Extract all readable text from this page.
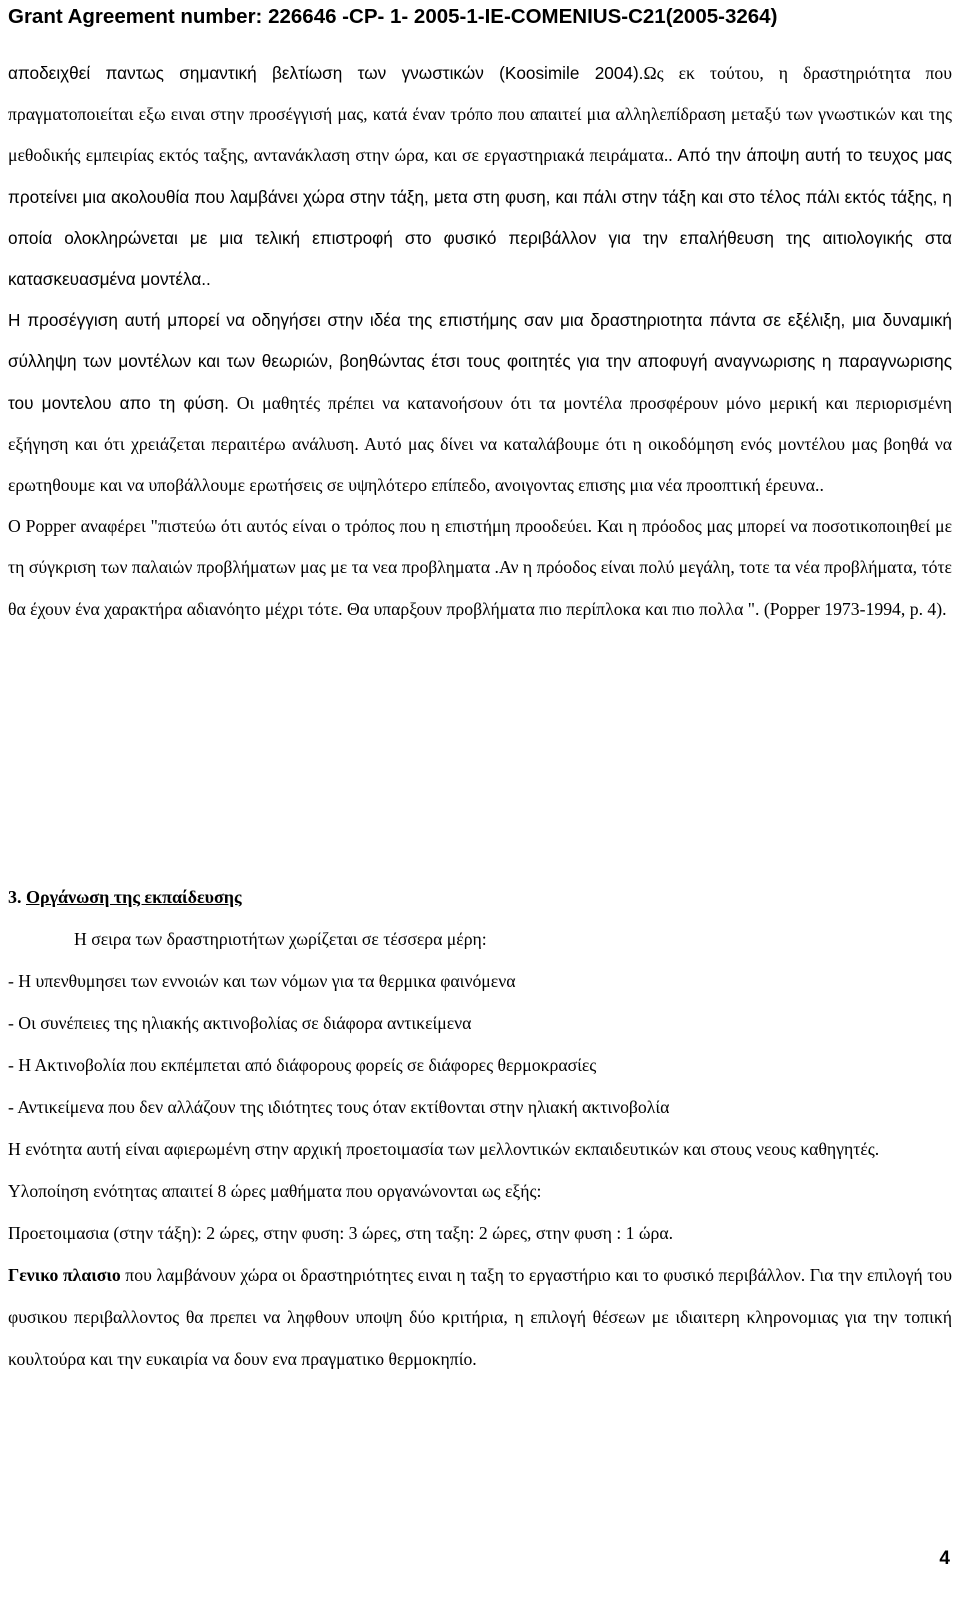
Grant Agreement number: 226646 -CP- 1- 2005-1-IE-COMENIUS-C21(2005-3264)

αποδειχθεί παντως σημαντική βελτίωση των γνωστικών (Koosimile 2004).Ως εκ τούτου, η δραστηριότητα που πραγματοποιείται εξω ειναι στην προσέγγισή μας, κατά έναν τρόπο που απαιτεί μια αλληλεπίδραση μεταξύ των γνωστικών και της μεθοδικής εμπειρίας εκτός ταξης, αντανάκλαση στην ώρα, και σε εργαστηριακά πειράματα.. Από την άποψη αυτή το τευχος μας προτείνει μια ακολουθία που λαμβάνει χώρα στην τάξη, μετα στη φυση, και πάλι στην τάξη και στο τέλος πάλι εκτός τάξης, η οποία ολοκληρώνεται με μια τελική επιστροφή στο φυσικό περιβάλλον για την επαλήθευση της αιτιολογικής στα κατασκευασμένα μοντέλα..

Η προσέγγιση αυτή μπορεί να οδηγήσει στην ιδέα της επιστήμης σαν μια δραστηριοτητα πάντα σε εξέλιξη, μια δυναμική σύλληψη των μοντέλων και των θεωριών, βοηθώντας έτσι τους φοιτητές για την αποφυγή αναγνωρισης η παραγνωρισης του μοντελου απο τη φύση. Οι μαθητές πρέπει να κατανοήσουν ότι τα μοντέλα προσφέρουν μόνο μερική και περιορισμένη εξήγηση και ότι χρειάζεται περαιτέρω ανάλυση. Αυτό μας δίνει να καταλάβουμε ότι η οικοδόμηση ενός μοντέλου μας βοηθά να ερωτηθουμε και να υποβάλλουμε ερωτήσεις σε υψηλότερο επίπεδο, ανοιγοντας επισης μια νέα προοπτική έρευνα..

Ο Popper αναφέρει "πιστεύω ότι αυτός είναι ο τρόπος που η επιστήμη προοδεύει. Και η πρόοδος μας μπορεί να ποσοτικοποιηθεί με τη σύγκριση των παλαιών προβλήματων μας με τα νεα προβληματα .Αν η πρόοδος είναι πολύ μεγάλη, τοτε τα νέα προβλήματα, τότε θα έχουν ένα χαρακτήρα αδιανόητο μέχρι τότε. Θα υπαρξουν προβλήματα πιο περίπλοκα και πιο πολλα ". (Popper 1973-1994, p. 4).

3. Οργάνωση της εκπαίδευσης

Η σειρα των δραστηριοτήτων χωρίζεται σε τέσσερα μέρη:

- Η υπενθυμησει των εννοιών και των νόμων για τα θερμικα φαινόμενα

- Οι συνέπειες της ηλιακής ακτινοβολίας σε διάφορα αντικείμενα

- Η Ακτινοβολία που εκπέμπεται από διάφορους φορείς σε διάφορες θερμοκρασίες

- Αντικείμενα που δεν αλλάζουν της ιδιότητες τους όταν εκτίθονται στην ηλιακή ακτινοβολία

Η ενότητα αυτή είναι αφιερωμένη στην αρχική προετοιμασία των μελλοντικών εκπαιδευτικών και στους νεους καθηγητές.

Υλοποίηση ενότητας απαιτεί 8 ώρες μαθήματα που οργανώνονται ως εξής:

Προετοιμασια (στην τάξη): 2 ώρες, στην φυση: 3 ώρες, στη ταξη: 2 ώρες, στην φυση : 1 ώρα.

Γενικο πλαισιο που λαμβάνουν χώρα οι δραστηριότητες ειναι η ταξη το εργαστήριο και το φυσικό περιβάλλον. Για την επιλογή του φυσικου περιβαλλοντος θα πρεπει να ληφθουν υποψη δύο κριτήρια, η επιλογή θέσεων με ιδιαιτερη κληρονομιας για την τοπική κουλτούρα και την ευκαιρία να δουν ενα πραγματικο θερμοκηπίο.

4
